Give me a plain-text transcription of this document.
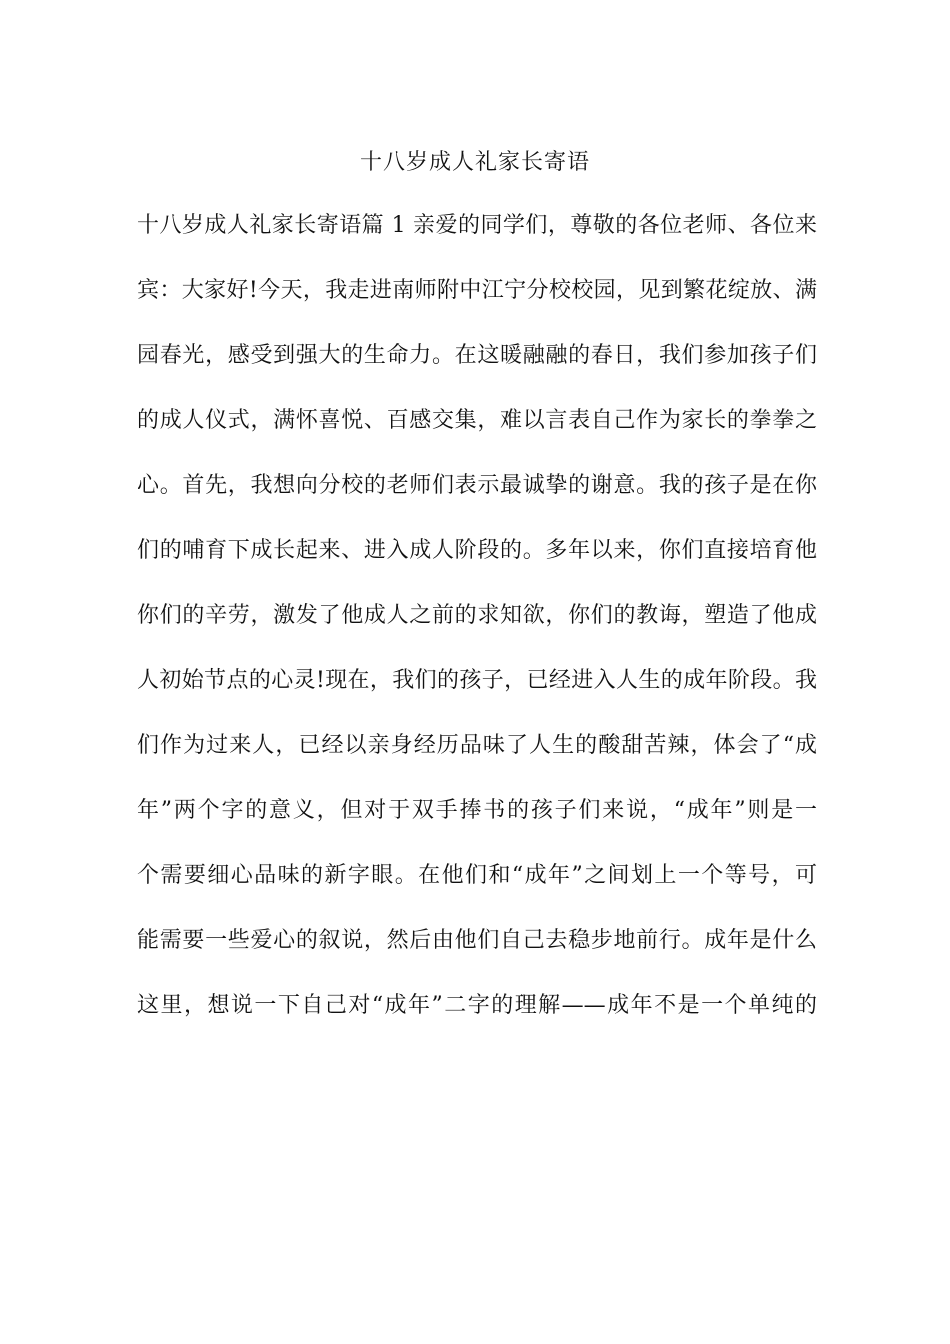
十八岁成人礼家长寄语
十八岁成人礼家长寄语篇 1 亲爱的同学们，尊敬的各位老师、各位来
宾：大家好!今天，我走进南师附中江宁分校校园，见到繁花绽放、满
园春光，感受到强大的生命力。在这暖融融的春日，我们参加孩子们
的成人仪式，满怀喜悦、百感交集，难以言表自己作为家长的拳拳之
心。首先，我想向分校的老师们表示最诚挚的谢意。我的孩子是在你
们的哺育下成长起来、进入成人阶段的。多年以来，你们直接培育他
你们的辛劳，激发了他成人之前的求知欲，你们的教诲，塑造了他成
人初始节点的心灵!现在，我们的孩子，已经进入人生的成年阶段。我
们作为过来人，已经以亲身经历品味了人生的酸甜苦辣，体会了“成
年”两个字的意义，但对于双手捧书的孩子们来说，“成年”则是一
个需要细心品味的新字眼。在他们和“成年”之间划上一个等号，可
能需要一些爱心的叙说，然后由他们自己去稳步地前行。成年是什么
这里，想说一下自己对“成年”二字的理解——成年不是一个单纯的
